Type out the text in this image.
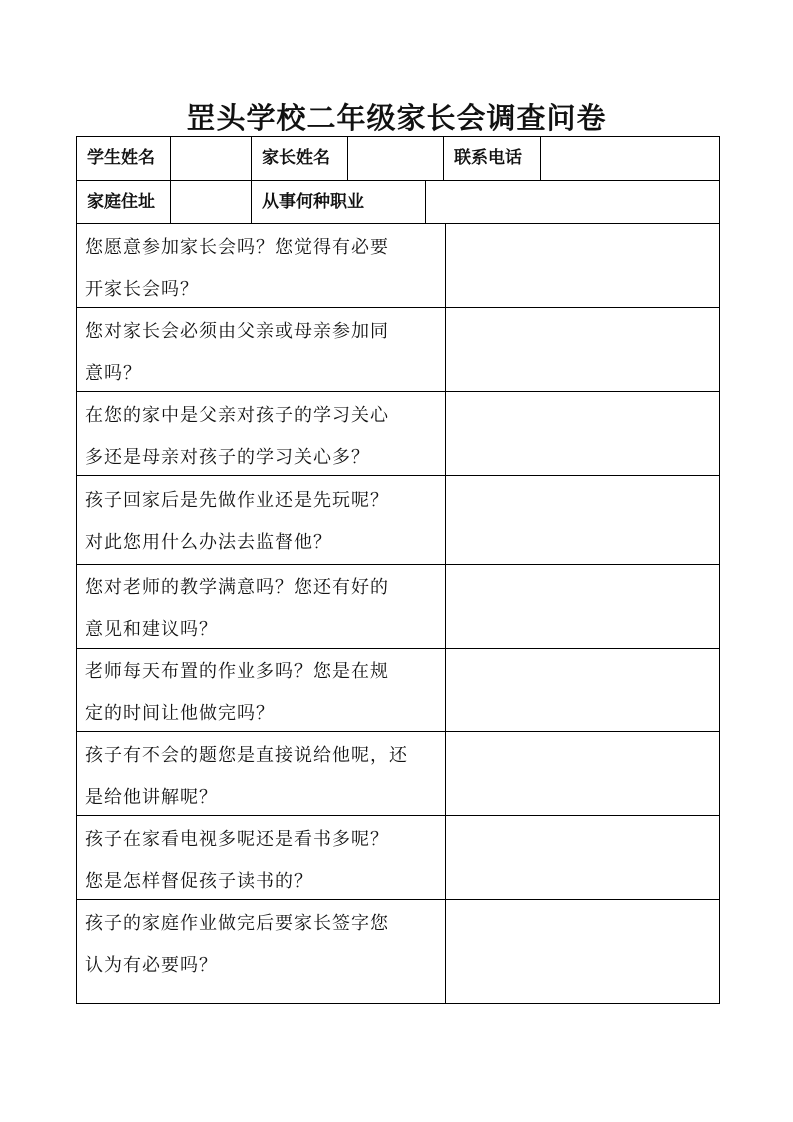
罡头学校二年级家长会调查问卷
学生姓名	家长姓名	联系电话
家庭住址	从事何种职业
您愿意参加家长会吗？您觉得有必要
开家长会吗？
您对家长会必须由父亲或母亲参加同
意吗？
在您的家中是父亲对孩子的学习关心
多还是母亲对孩子的学习关心多？
孩子回家后是先做作业还是先玩呢？
对此您用什么办法去监督他？
您对老师的教学满意吗？您还有好的
意见和建议吗？
老师每天布置的作业多吗？您是在规
定的时间让他做完吗？
孩子有不会的题您是直接说给他呢，还
是给他讲解呢？
孩子在家看电视多呢还是看书多呢？
您是怎样督促孩子读书的？
孩子的家庭作业做完后要家长签字您
认为有必要吗？
